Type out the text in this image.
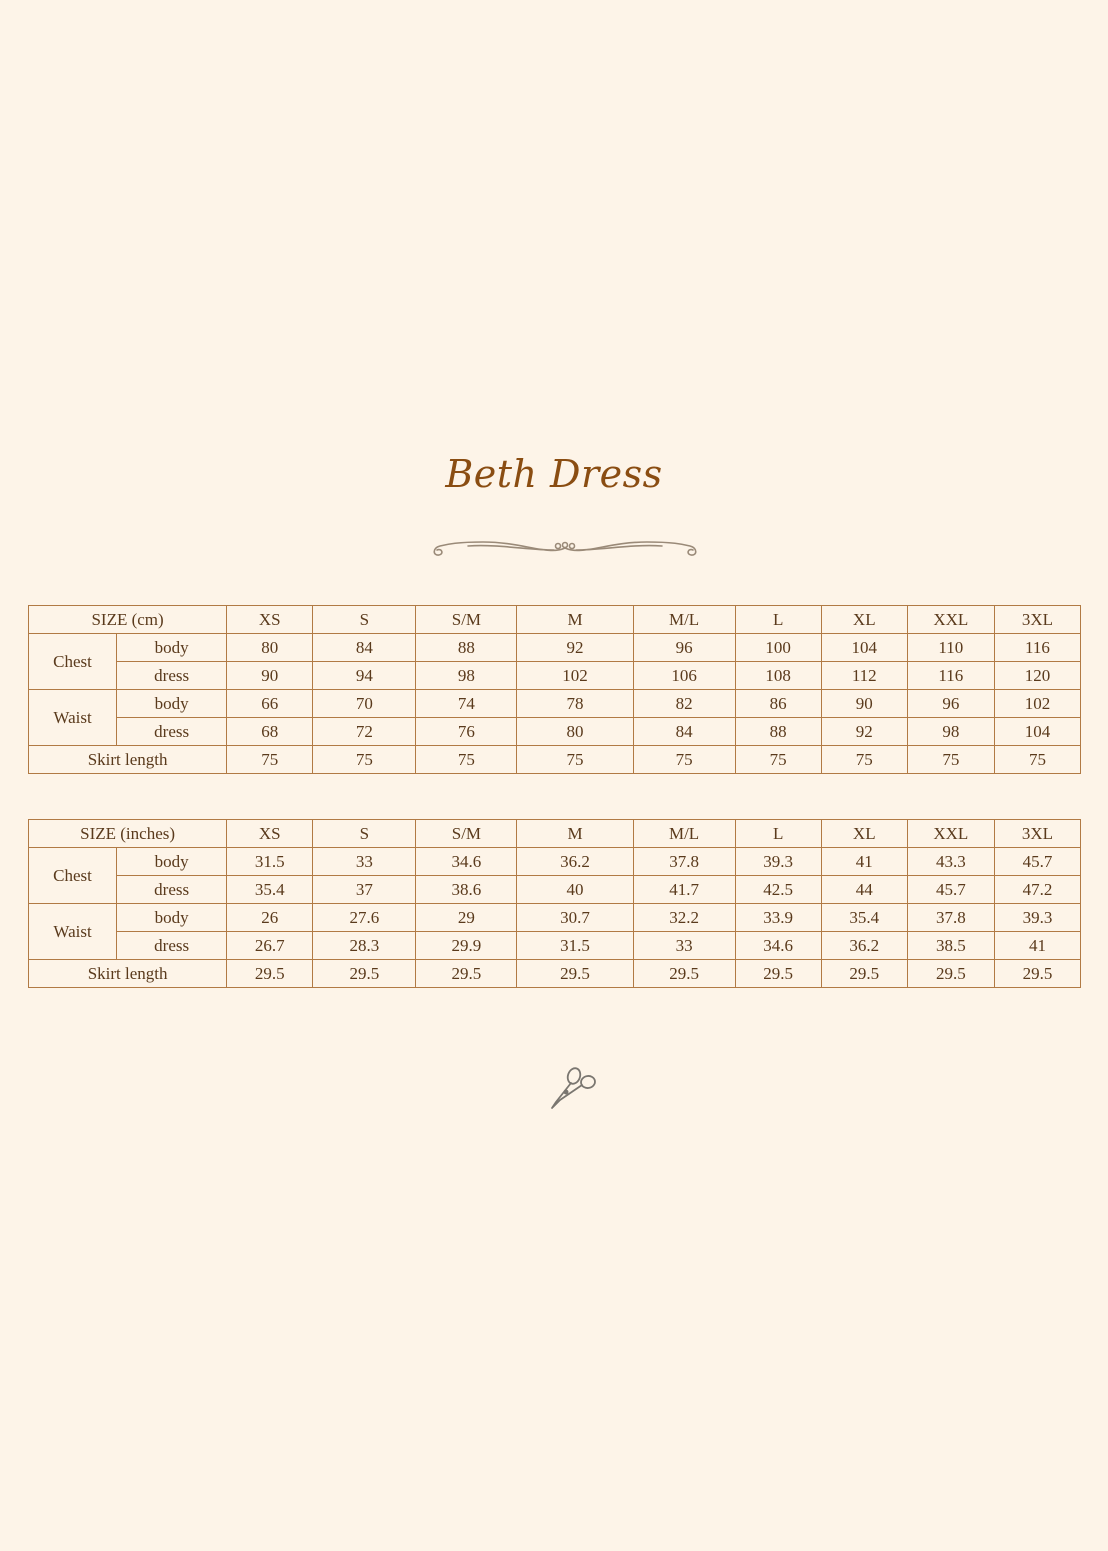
Beth Dress
SIZE (cm)		XS	S	S/M	M	M/L	L	XL	XXL	3XL
Chest	body	80	84	88	92	96	100	104	110	116
	dress	90	94	98	102	106	108	112	116	120
Waist	body	66	70	74	78	82	86	90	96	102
	dress	68	72	76	80	84	88	92	98	104
Skirt length		75	75	75	75	75	75	75	75	75
SIZE (inches)		XS	S	S/M	M	M/L	L	XL	XXL	3XL
Chest	body	31.5	33	34.6	36.2	37.8	39.3	41	43.3	45.7
	dress	35.4	37	38.6	40	41.7	42.5	44	45.7	47.2
Waist	body	26	27.6	29	30.7	32.2	33.9	35.4	37.8	39.3
	dress	26.7	28.3	29.9	31.5	33	34.6	36.2	38.5	41
Skirt length		29.5	29.5	29.5	29.5	29.5	29.5	29.5	29.5	29.5
